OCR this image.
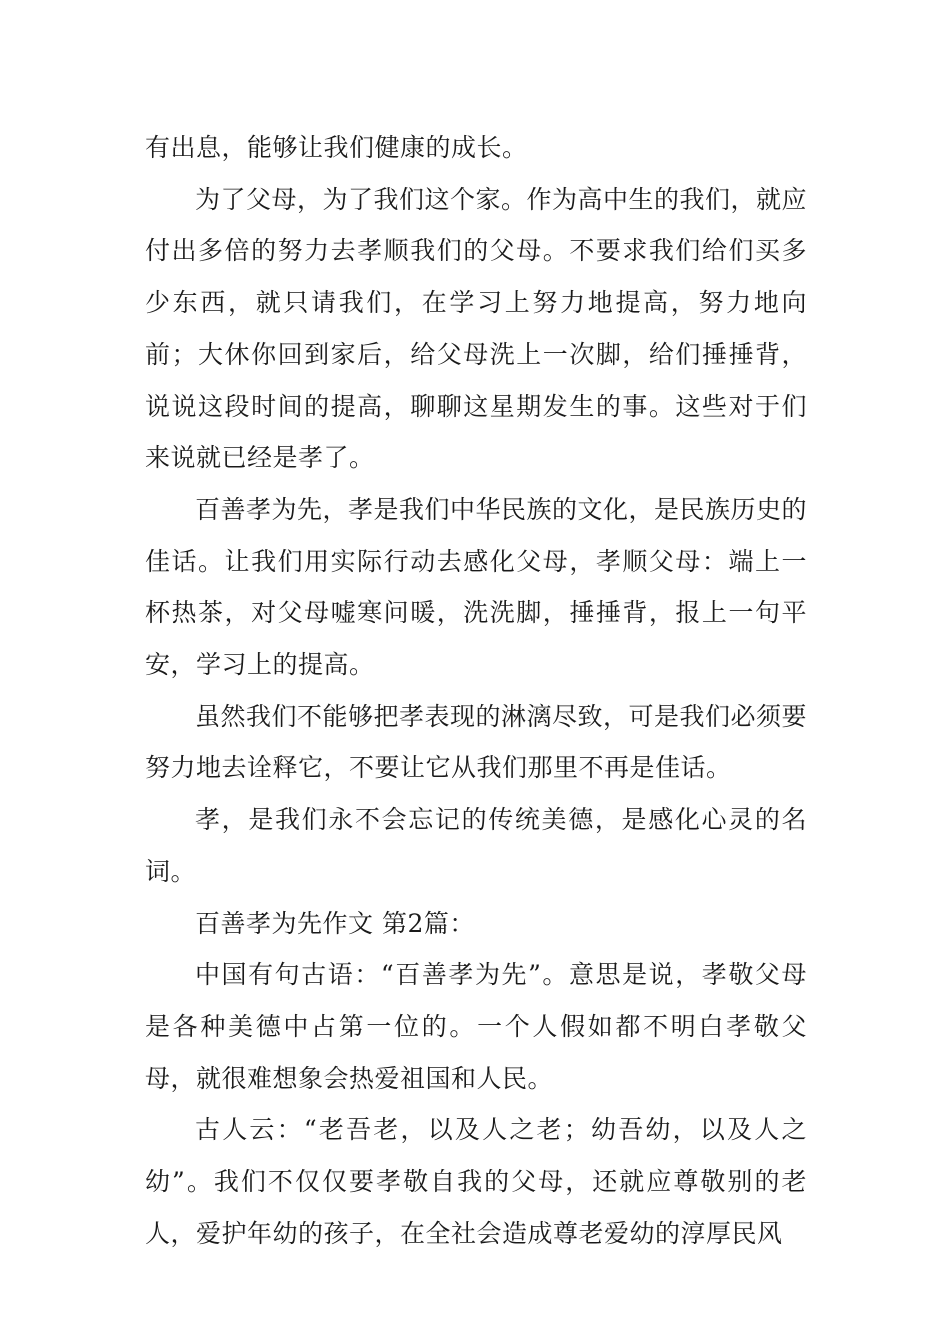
有出息，能够让我们健康的成长。

为了父母，为了我们这个家。作为高中生的我们，就应付出多倍的努力去孝顺我们的父母。不要求我们给们买多少东西，就只请我们，在学习上努力地提高，努力地向前；大休你回到家后，给父母洗上一次脚，给们捶捶背，说说这段时间的提高，聊聊这星期发生的事。这些对于们来说就已经是孝了。

百善孝为先，孝是我们中华民族的文化，是民族历史的佳话。让我们用实际行动去感化父母，孝顺父母：端上一杯热茶，对父母嘘寒问暖，洗洗脚，捶捶背，报上一句平安，学习上的提高。

虽然我们不能够把孝表现的淋漓尽致，可是我们必须要努力地去诠释它，不要让它从我们那里不再是佳话。

孝，是我们永不会忘记的传统美德，是感化心灵的名词。

百善孝为先作文 第2篇：

中国有句古语：“百善孝为先”。意思是说，孝敬父母是各种美德中占第一位的。一个人假如都不明白孝敬父母，就很难想象会热爱祖国和人民。

古人云：“老吾老，以及人之老；幼吾幼，以及人之幼”。我们不仅仅要孝敬自我的父母，还就应尊敬别的老人，爱护年幼的孩子，在全社会造成尊老爱幼的淳厚民风
